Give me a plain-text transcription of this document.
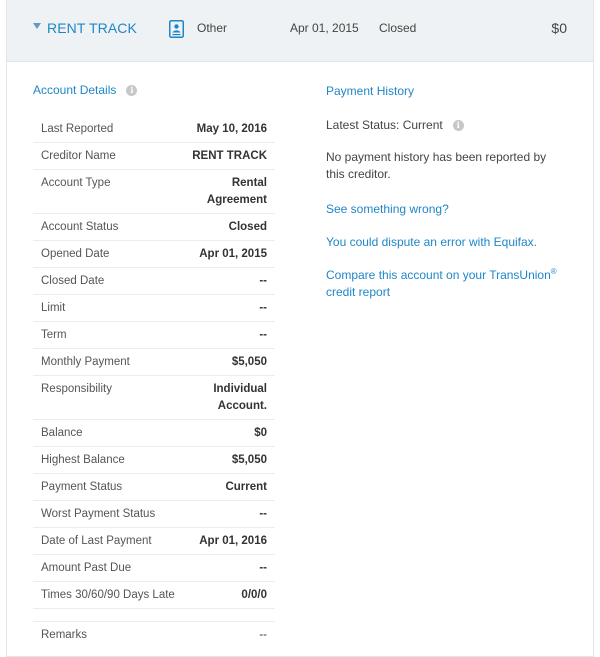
RENT TRACK	Other	Apr 01, 2015 Closed	$0
Account Details	i
Last Reported	May 10, 2016
Creditor Name	RENT TRACK
Account Type	Rental Agreement
Account Status	Closed
Opened Date	Apr 01, 2015
Closed Date	--
Limit	--
Term	--
Monthly Payment	$5,050
Responsibility	Individual Account.
Balance	$0
Highest Balance	$5,050
Payment Status	Current
Worst Payment Status	--
Date of Last Payment	Apr 01, 2016
Amount Past Due	--
Times 30/60/90 Days Late	0/0/0
Remarks	--
Payment History
Latest Status: Current	i
No payment history has been reported by this creditor.
See something wrong?
You could dispute an error with Equifax.
Compare this account on your TransUnion®
credit report
